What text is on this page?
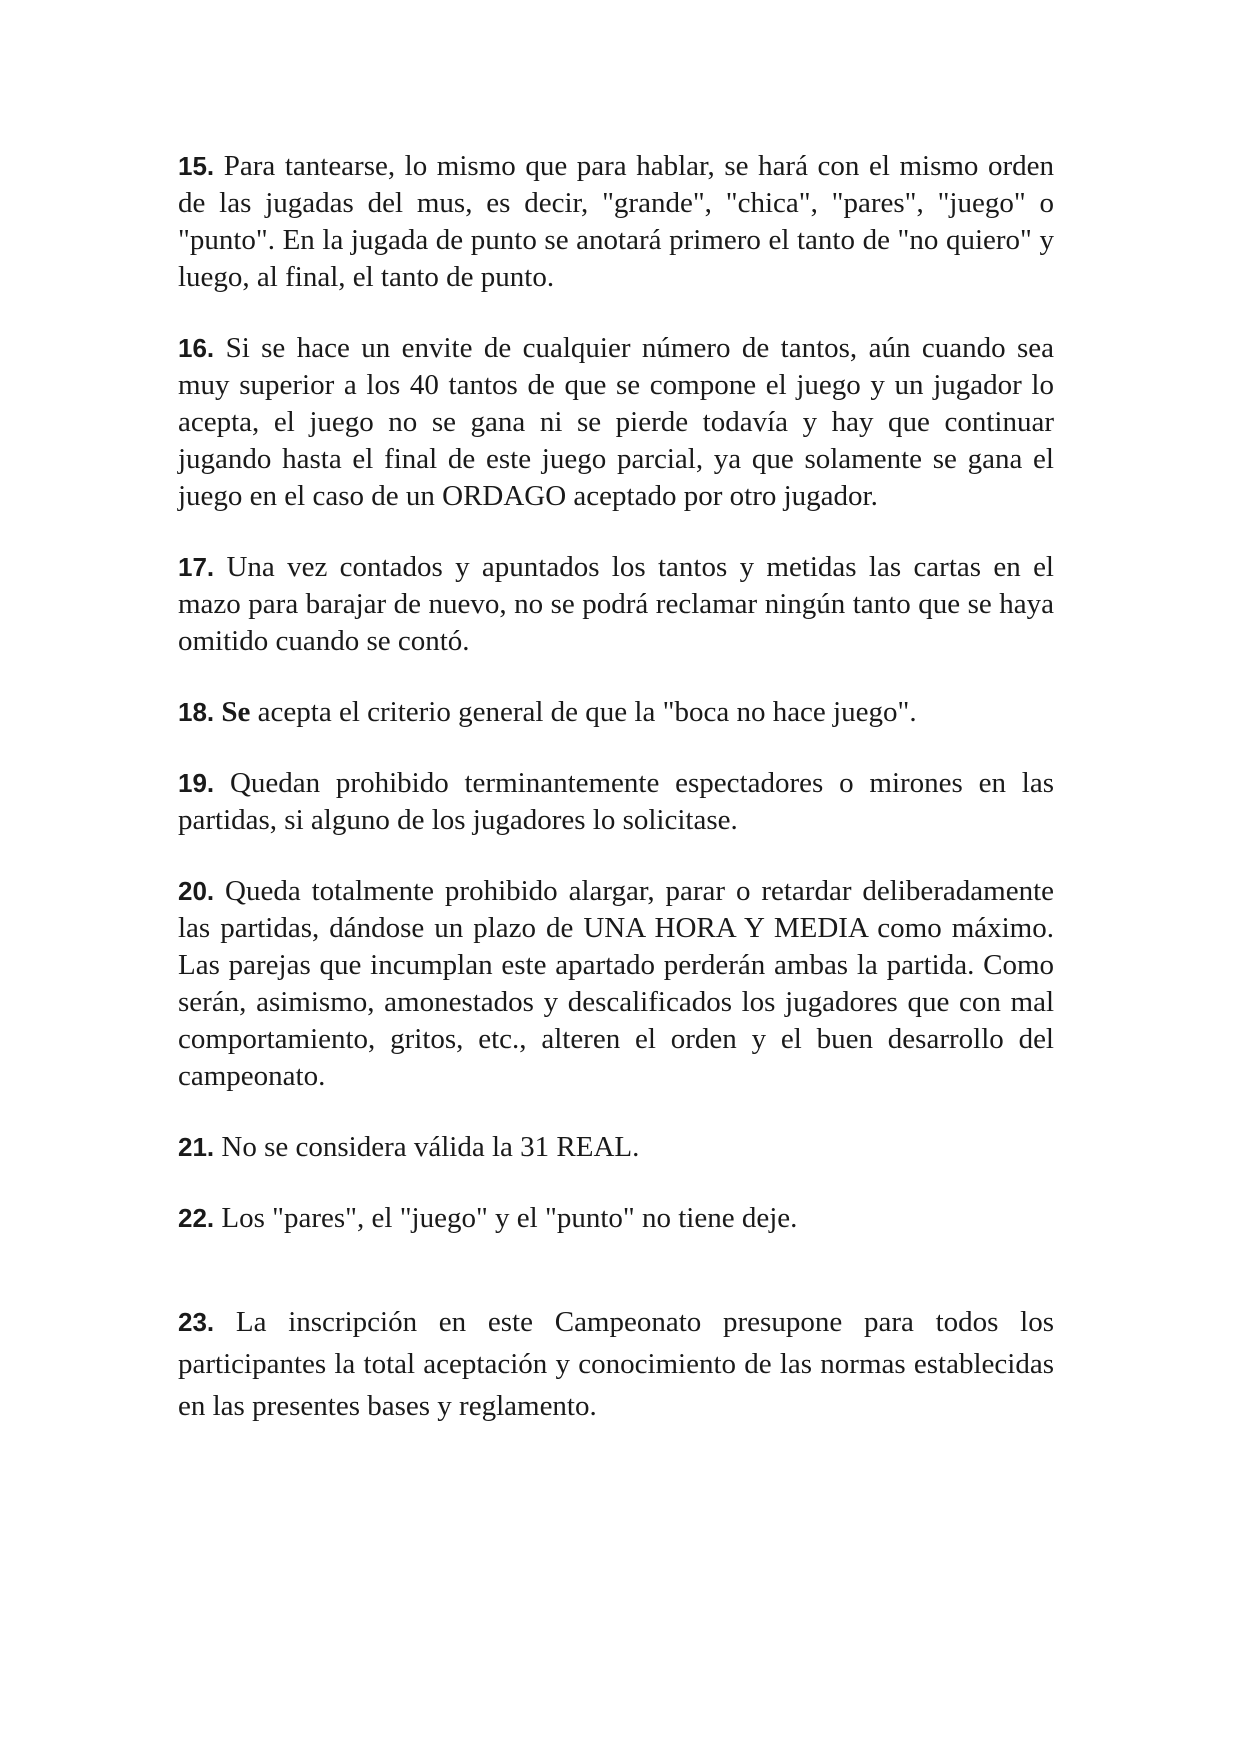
15. Para tantearse, lo mismo que para hablar, se hará con el mismo orden de las jugadas del mus, es decir, "grande", "chica", "pares", "juego" o "punto". En la jugada de punto se anotará primero el tanto de "no quiero" y luego, al final, el tanto de punto.

16. Si se hace un envite de cualquier número de tantos, aún cuando sea muy superior a los 40 tantos de que se compone el juego y un jugador lo acepta, el juego no se gana ni se pierde todavía y hay que continuar jugando hasta el final de este juego parcial, ya que solamente se gana el juego en el caso de un ORDAGO aceptado por otro jugador.

17. Una vez contados y apuntados los tantos y metidas las cartas en el mazo para barajar de nuevo, no se podrá reclamar ningún tanto que se haya omitido cuando se contó.

18. Se acepta el criterio general de que la "boca no hace juego".

19. Quedan prohibido terminantemente espectadores o mirones en las partidas, si alguno de los jugadores lo solicitase.

20. Queda totalmente prohibido alargar, parar o retardar deliberadamente las partidas, dándose un plazo de UNA HORA Y MEDIA como máximo. Las parejas que incumplan este apartado perderán ambas la partida. Como serán, asimismo, amonestados y descalificados los jugadores que con mal comportamiento, gritos, etc., alteren el orden y el buen desarrollo del campeonato.

21. No se considera válida la 31 REAL.

22. Los "pares", el "juego" y el "punto" no tiene deje.

23. La inscripción en este Campeonato presupone para todos los participantes la total aceptación y conocimiento de las normas establecidas en las presentes bases y reglamento.
